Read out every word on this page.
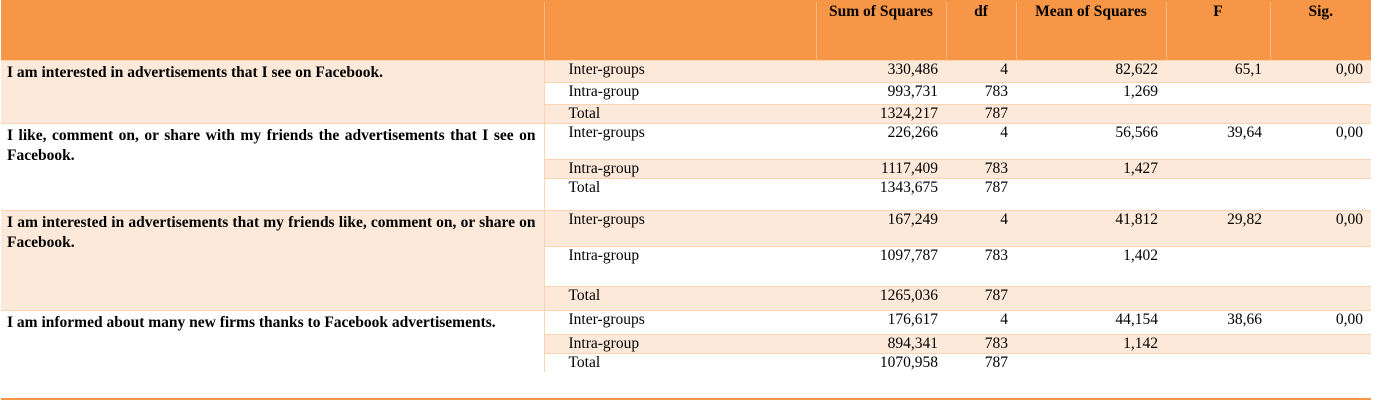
		Sum of Squares	df	Mean of Squares	F	Sig.
I am interested in advertisements that I see on Facebook.	Inter-groups	330,486	4	82,622	65,1	0,00
	Intra-group	993,731	783	1,269		
	Total	1324,217	787			
I like, comment on, or share with my friends the advertisements that I see on Facebook.	Inter-groups	226,266	4	56,566	39,64	0,00
	Intra-group	1117,409	783	1,427		
	Total	1343,675	787			
I am interested in advertisements that my friends like, comment on, or share on Facebook.	Inter-groups	167,249	4	41,812	29,82	0,00
	Intra-group	1097,787	783	1,402		
	Total	1265,036	787			
I am informed about many new firms thanks to Facebook advertisements.	Inter-groups	176,617	4	44,154	38,66	0,00
	Intra-group	894,341	783	1,142		
	Total	1070,958	787			
